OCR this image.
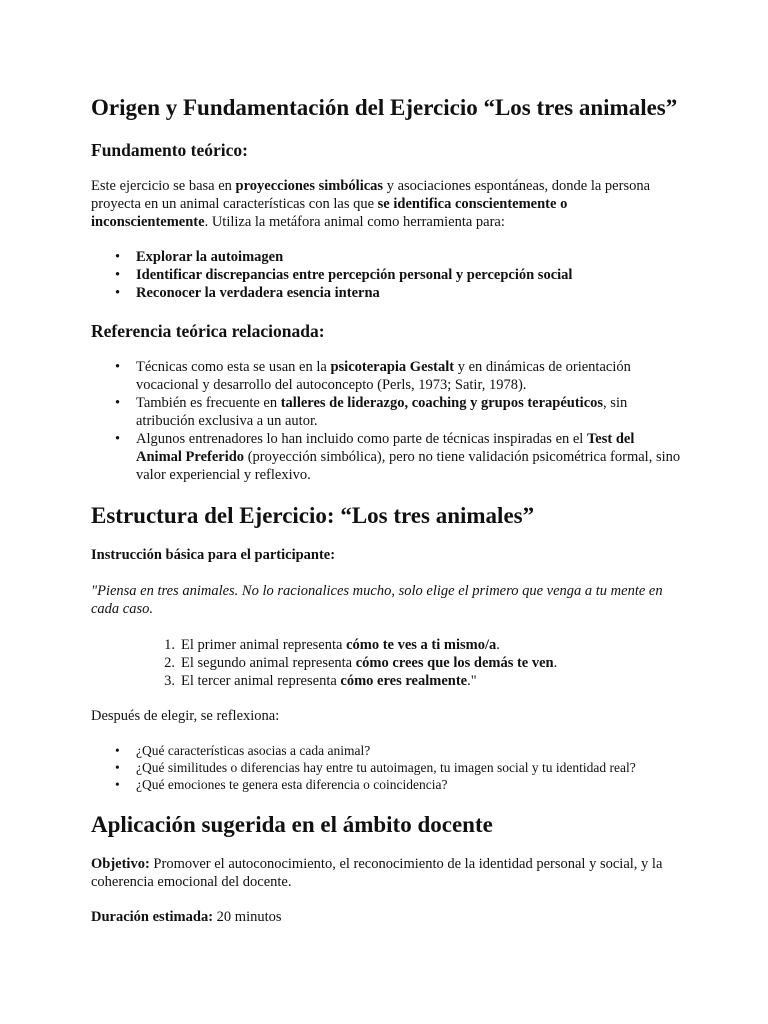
Origen y Fundamentación del Ejercicio “Los tres animales”
Fundamento teórico:

Este ejercicio se basa en proyecciones simbólicas y asociaciones espontáneas, donde la persona proyecta en un animal características con las que se identifica conscientemente o inconscientemente. Utiliza la metáfora animal como herramienta para:

• Explorar la autoimagen
• Identificar discrepancias entre percepción personal y percepción social
• Reconocer la verdadera esencia interna
Referencia teórica relacionada:
• Técnicas como esta se usan en la psicoterapia Gestalt y en dinámicas de orientación vocacional y desarrollo del autoconcepto (Perls, 1973; Satir, 1978).
• También es frecuente en talleres de liderazgo, coaching y grupos terapéuticos, sin atribución exclusiva a un autor.
• Algunos entrenadores lo han incluido como parte de técnicas inspiradas en el Test del Animal Preferido (proyección simbólica), pero no tiene validación psicométrica formal, sino valor experiencial y reflexivo.
Estructura del Ejercicio: “Los tres animales”
Instrucción básica para el participante:

"Piensa en tres animales. No lo racionalices mucho, solo elige el primero que venga a tu mente en cada caso.

1. El primer animal representa cómo te ves a ti mismo/a.
2. El segundo animal representa cómo crees que los demás te ven.
3. El tercer animal representa cómo eres realmente."

Después de elegir, se reflexiona:

• ¿Qué características asocias a cada animal?
• ¿Qué similitudes o diferencias hay entre tu autoimagen, tu imagen social y tu identidad real?
• ¿Qué emociones te genera esta diferencia o coincidencia?
Aplicación sugerida en el ámbito docente

Objetivo: Promover el autoconocimiento, el reconocimiento de la identidad personal y social, y la coherencia emocional del docente.

Duración estimada: 20 minutos
